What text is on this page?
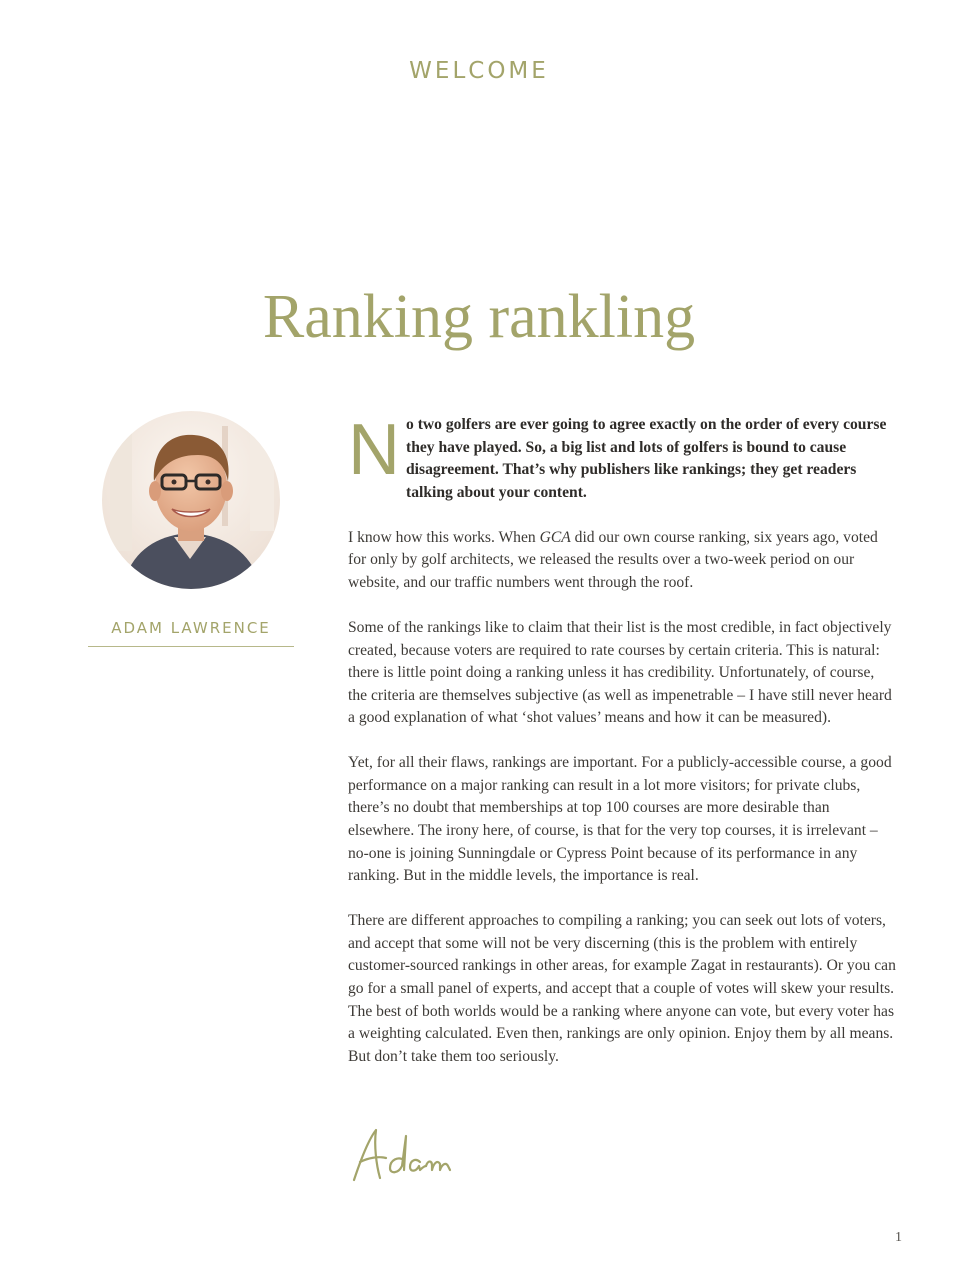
WELCOME
Ranking rankling
ADAM LAWRENCE

No two golfers are ever going to agree exactly on the order of every course they have played. So, a big list and lots of golfers is bound to cause disagreement. That’s why publishers like rankings; they get readers talking about your content.

I know how this works. When GCA did our own course ranking, six years ago, voted for only by golf architects, we released the results over a two-week period on our website, and our traffic numbers went through the roof.

Some of the rankings like to claim that their list is the most credible, in fact objectively created, because voters are required to rate courses by certain criteria. This is natural: there is little point doing a ranking unless it has credibility. Unfortunately, of course, the criteria are themselves subjective (as well as impenetrable – I have still never heard a good explanation of what ‘shot values’ means and how it can be measured).

Yet, for all their flaws, rankings are important. For a publicly-accessible course, a good performance on a major ranking can result in a lot more visitors; for private clubs, there’s no doubt that memberships at top 100 courses are more desirable than elsewhere. The irony here, of course, is that for the very top courses, it is irrelevant – no-one is joining Sunningdale or Cypress Point because of its performance in any ranking. But in the middle levels, the importance is real.

There are different approaches to compiling a ranking; you can seek out lots of voters, and accept that some will not be very discerning (this is the problem with entirely customer-sourced rankings in other areas, for example Zagat in restaurants). Or you can go for a small panel of experts, and accept that a couple of votes will skew your results. The best of both worlds would be a ranking where anyone can vote, but every voter has a weighting calculated. Even then, rankings are only opinion. Enjoy them by all means. But don’t take them too seriously.

1
